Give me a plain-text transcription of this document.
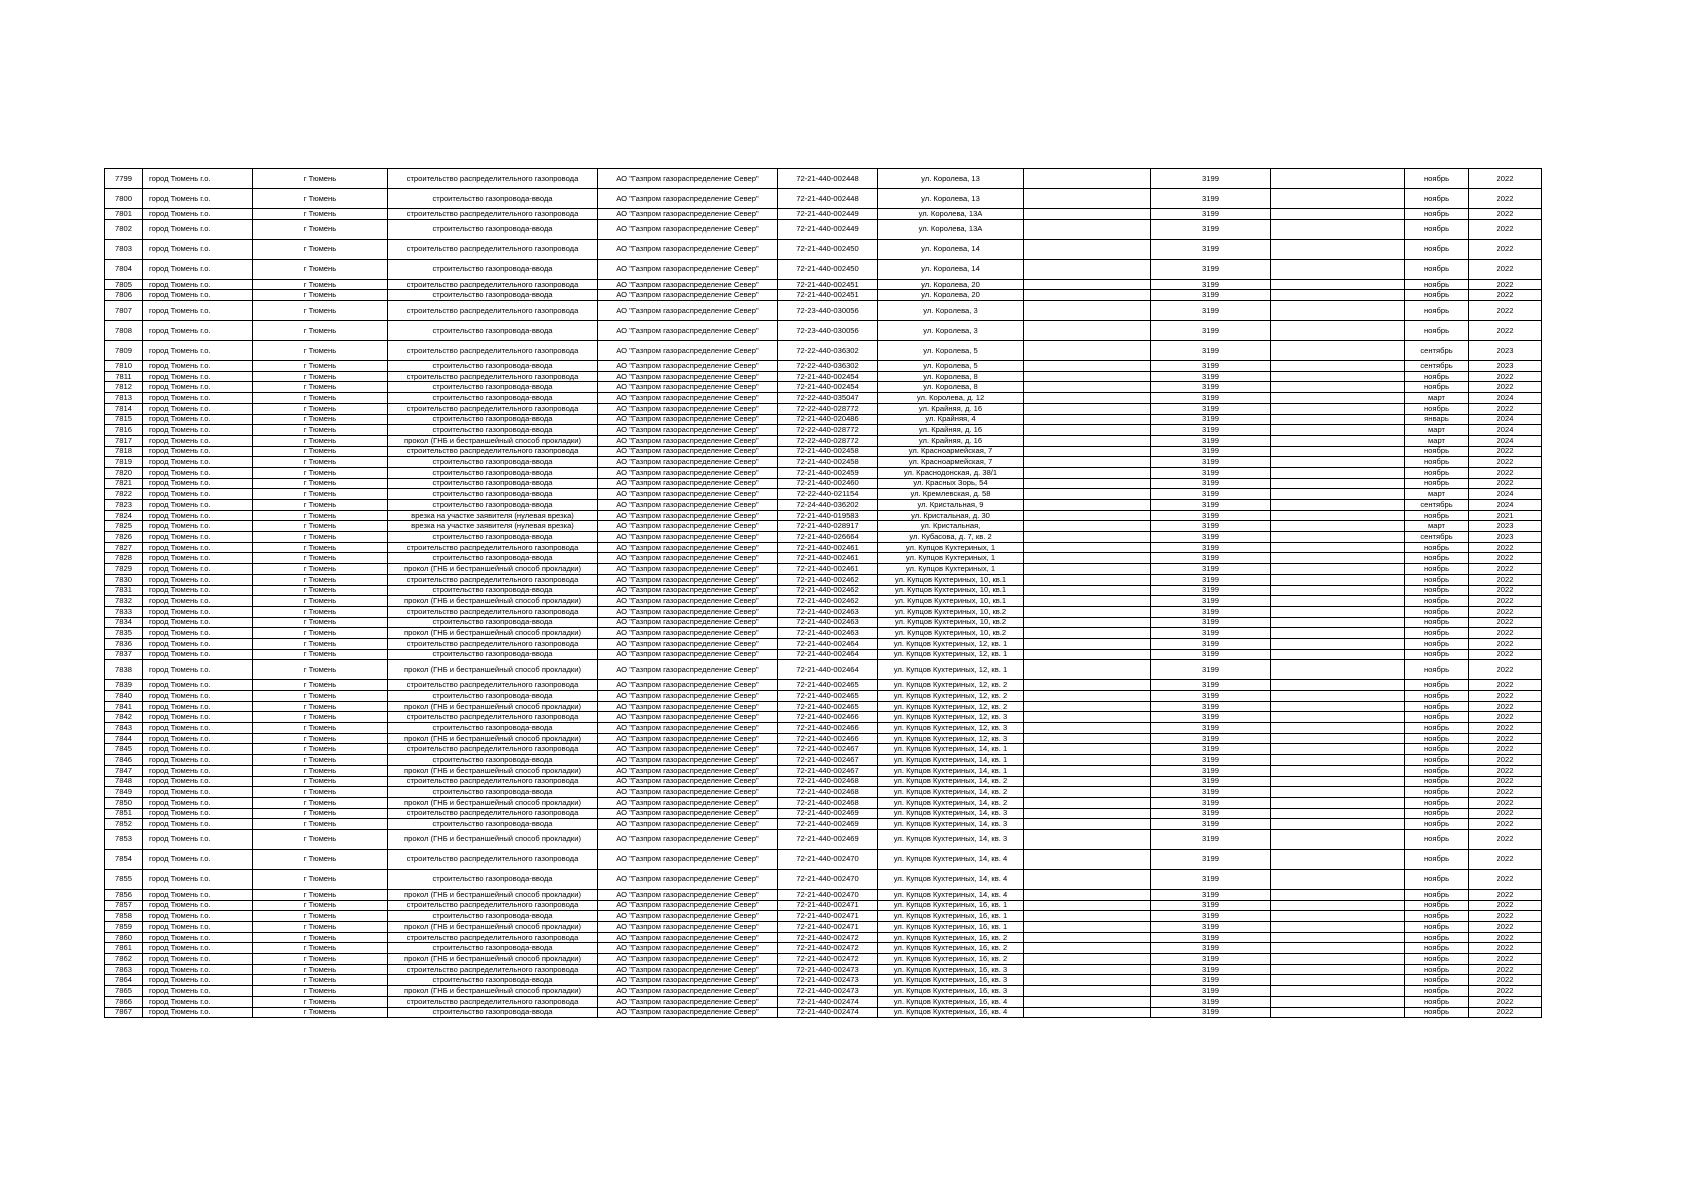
7799	город Тюмень г.о.	г Тюмень	строительство распределительного газопровода	АО "Газпром газораспределение Север"	72-21-440-002448	ул. Королева, 13		3199		ноябрь	2022
7800	город Тюмень г.о.	г Тюмень	строительство газопровода-ввода	АО "Газпром газораспределение Север"	72-21-440-002448	ул. Королева, 13		3199		ноябрь	2022
7801	город Тюмень г.о.	г Тюмень	строительство распределительного газопровода	АО "Газпром газораспределение Север"	72-21-440-002449	ул. Королева, 13А		3199		ноябрь	2022
7802	город Тюмень г.о.	г Тюмень	строительство газопровода-ввода	АО "Газпром газораспределение Север"	72-21-440-002449	ул. Королева, 13А		3199		ноябрь	2022
7803	город Тюмень г.о.	г Тюмень	строительство распределительного газопровода	АО "Газпром газораспределение Север"	72-21-440-002450	ул. Королева, 14		3199		ноябрь	2022
7804	город Тюмень г.о.	г Тюмень	строительство газопровода-ввода	АО "Газпром газораспределение Север"	72-21-440-002450	ул. Королева, 14		3199		ноябрь	2022
7805	город Тюмень г.о.	г Тюмень	строительство распределительного газопровода	АО "Газпром газораспределение Север"	72-21-440-002451	ул. Королева, 20		3199		ноябрь	2022
7806	город Тюмень г.о.	г Тюмень	строительство газопровода-ввода	АО "Газпром газораспределение Север"	72-21-440-002451	ул. Королева, 20		3199		ноябрь	2022
7807	город Тюмень г.о.	г Тюмень	строительство распределительного газопровода	АО "Газпром газораспределение Север"	72-23-440-030056	ул. Королева, 3		3199		ноябрь	2022
7808	город Тюмень г.о.	г Тюмень	строительство газопровода-ввода	АО "Газпром газораспределение Север"	72-23-440-030056	ул. Королева, 3		3199		ноябрь	2022
7809	город Тюмень г.о.	г Тюмень	строительство распределительного газопровода	АО "Газпром газораспределение Север"	72-22-440-036302	ул. Королева, 5		3199		сентябрь	2023
7810	город Тюмень г.о.	г Тюмень	строительство газопровода-ввода	АО "Газпром газораспределение Север"	72-22-440-036302	ул. Королева, 5		3199		сентябрь	2023
7811	город Тюмень г.о.	г Тюмень	строительство распределительного газопровода	АО "Газпром газораспределение Север"	72-21-440-002454	ул. Королева, 8		3199		ноябрь	2022
7812	город Тюмень г.о.	г Тюмень	строительство газопровода-ввода	АО "Газпром газораспределение Север"	72-21-440-002454	ул. Королева, 8		3199		ноябрь	2022
7813	город Тюмень г.о.	г Тюмень	строительство газопровода-ввода	АО "Газпром газораспределение Север"	72-22-440-035047	ул. Королева, д. 12		3199		март	2024
7814	город Тюмень г.о.	г Тюмень	строительство распределительного газопровода	АО "Газпром газораспределение Север"	72-22-440-028772	ул. Крайняя, д. 16		3199		ноябрь	2022
7815	город Тюмень г.о.	г Тюмень	строительство газопровода-ввода	АО "Газпром газораспределение Север"	72-21-440-020486	ул. Крайняя, 4		3199		январь	2024
7816	город Тюмень г.о.	г Тюмень	строительство газопровода-ввода	АО "Газпром газораспределение Север"	72-22-440-028772	ул. Крайняя, д. 16		3199		март	2024
7817	город Тюмень г.о.	г Тюмень	прокол (ГНБ и бестраншейный способ прокладки)	АО "Газпром газораспределение Север"	72-22-440-028772	ул. Крайняя, д. 16		3199		март	2024
7818	город Тюмень г.о.	г Тюмень	строительство распределительного газопровода	АО "Газпром газораспределение Север"	72-21-440-002458	ул. Красноармейская, 7		3199		ноябрь	2022
7819	город Тюмень г.о.	г Тюмень	строительство газопровода-ввода	АО "Газпром газораспределение Север"	72-21-440-002458	ул. Красноармейская, 7		3199		ноябрь	2022
7820	город Тюмень г.о.	г Тюмень	строительство газопровода-ввода	АО "Газпром газораспределение Север"	72-21-440-002459	ул. Краснодонская, д. 38/1		3199		ноябрь	2022
7821	город Тюмень г.о.	г Тюмень	строительство газопровода-ввода	АО "Газпром газораспределение Север"	72-21-440-002460	ул. Красных Зорь, 54		3199		ноябрь	2022
7822	город Тюмень г.о.	г Тюмень	строительство газопровода-ввода	АО "Газпром газораспределение Север"	72-22-440-021154	ул. Кремлевская, д. 58		3199		март	2024
7823	город Тюмень г.о.	г Тюмень	строительство газопровода-ввода	АО "Газпром газораспределение Север"	72-24-440-036202	ул. Кристальная, 9		3199		сентябрь	2024
7824	город Тюмень г.о.	г Тюмень	врезка на участке заявителя (нулевая врезка)	АО "Газпром газораспределение Север"	72-21-440-019583	ул. Кристальная, д. 30		3199		ноябрь	2021
7825	город Тюмень г.о.	г Тюмень	врезка на участке заявителя (нулевая врезка)	АО "Газпром газораспределение Север"	72-21-440-028917	ул. Кристальная,		3199		март	2023
7826	город Тюмень г.о.	г Тюмень	строительство газопровода-ввода	АО "Газпром газораспределение Север"	72-21-440-026664	ул. Кубасова, д. 7, кв. 2		3199		сентябрь	2023
7827	город Тюмень г.о.	г Тюмень	строительство распределительного газопровода	АО "Газпром газораспределение Север"	72-21-440-002461	ул. Купцов Кухтериных, 1		3199		ноябрь	2022
7828	город Тюмень г.о.	г Тюмень	строительство газопровода-ввода	АО "Газпром газораспределение Север"	72-21-440-002461	ул. Купцов Кухтериных, 1		3199		ноябрь	2022
7829	город Тюмень г.о.	г Тюмень	прокол (ГНБ и бестраншейный способ прокладки)	АО "Газпром газораспределение Север"	72-21-440-002461	ул. Купцов Кухтериных, 1		3199		ноябрь	2022
7830	город Тюмень г.о.	г Тюмень	строительство распределительного газопровода	АО "Газпром газораспределение Север"	72-21-440-002462	ул. Купцов Кухтериных, 10, кв.1		3199		ноябрь	2022
7831	город Тюмень г.о.	г Тюмень	строительство газопровода-ввода	АО "Газпром газораспределение Север"	72-21-440-002462	ул. Купцов Кухтериных, 10, кв.1		3199		ноябрь	2022
7832	город Тюмень г.о.	г Тюмень	прокол (ГНБ и бестраншейный способ прокладки)	АО "Газпром газораспределение Север"	72-21-440-002462	ул. Купцов Кухтериных, 10, кв.1		3199		ноябрь	2022
7833	город Тюмень г.о.	г Тюмень	строительство распределительного газопровода	АО "Газпром газораспределение Север"	72-21-440-002463	ул. Купцов Кухтериных, 10, кв.2		3199		ноябрь	2022
7834	город Тюмень г.о.	г Тюмень	строительство газопровода-ввода	АО "Газпром газораспределение Север"	72-21-440-002463	ул. Купцов Кухтериных, 10, кв.2		3199		ноябрь	2022
7835	город Тюмень г.о.	г Тюмень	прокол (ГНБ и бестраншейный способ прокладки)	АО "Газпром газораспределение Север"	72-21-440-002463	ул. Купцов Кухтериных, 10, кв.2		3199		ноябрь	2022
7836	город Тюмень г.о.	г Тюмень	строительство распределительного газопровода	АО "Газпром газораспределение Север"	72-21-440-002464	ул. Купцов Кухтериных, 12, кв. 1		3199		ноябрь	2022
7837	город Тюмень г.о.	г Тюмень	строительство газопровода-ввода	АО "Газпром газораспределение Север"	72-21-440-002464	ул. Купцов Кухтериных, 12, кв. 1		3199		ноябрь	2022
7838	город Тюмень г.о.	г Тюмень	прокол (ГНБ и бестраншейный способ прокладки)	АО "Газпром газораспределение Север"	72-21-440-002464	ул. Купцов Кухтериных, 12, кв. 1		3199		ноябрь	2022
7839	город Тюмень г.о.	г Тюмень	строительство распределительного газопровода	АО "Газпром газораспределение Север"	72-21-440-002465	ул. Купцов Кухтериных, 12, кв. 2		3199		ноябрь	2022
7840	город Тюмень г.о.	г Тюмень	строительство газопровода-ввода	АО "Газпром газораспределение Север"	72-21-440-002465	ул. Купцов Кухтериных, 12, кв. 2		3199		ноябрь	2022
7841	город Тюмень г.о.	г Тюмень	прокол (ГНБ и бестраншейный способ прокладки)	АО "Газпром газораспределение Север"	72-21-440-002465	ул. Купцов Кухтериных, 12, кв. 2		3199		ноябрь	2022
7842	город Тюмень г.о.	г Тюмень	строительство распределительного газопровода	АО "Газпром газораспределение Север"	72-21-440-002466	ул. Купцов Кухтериных, 12, кв. 3		3199		ноябрь	2022
7843	город Тюмень г.о.	г Тюмень	строительство газопровода-ввода	АО "Газпром газораспределение Север"	72-21-440-002466	ул. Купцов Кухтериных, 12, кв. 3		3199		ноябрь	2022
7844	город Тюмень г.о.	г Тюмень	прокол (ГНБ и бестраншейный способ прокладки)	АО "Газпром газораспределение Север"	72-21-440-002466	ул. Купцов Кухтериных, 12, кв. 3		3199		ноябрь	2022
7845	город Тюмень г.о.	г Тюмень	строительство распределительного газопровода	АО "Газпром газораспределение Север"	72-21-440-002467	ул. Купцов Кухтериных, 14, кв. 1		3199		ноябрь	2022
7846	город Тюмень г.о.	г Тюмень	строительство газопровода-ввода	АО "Газпром газораспределение Север"	72-21-440-002467	ул. Купцов Кухтериных, 14, кв. 1		3199		ноябрь	2022
7847	город Тюмень г.о.	г Тюмень	прокол (ГНБ и бестраншейный способ прокладки)	АО "Газпром газораспределение Север"	72-21-440-002467	ул. Купцов Кухтериных, 14, кв. 1		3199		ноябрь	2022
7848	город Тюмень г.о.	г Тюмень	строительство распределительного газопровода	АО "Газпром газораспределение Север"	72-21-440-002468	ул. Купцов Кухтериных, 14, кв. 2		3199		ноябрь	2022
7849	город Тюмень г.о.	г Тюмень	строительство газопровода-ввода	АО "Газпром газораспределение Север"	72-21-440-002468	ул. Купцов Кухтериных, 14, кв. 2		3199		ноябрь	2022
7850	город Тюмень г.о.	г Тюмень	прокол (ГНБ и бестраншейный способ прокладки)	АО "Газпром газораспределение Север"	72-21-440-002468	ул. Купцов Кухтериных, 14, кв. 2		3199		ноябрь	2022
7851	город Тюмень г.о.	г Тюмень	строительство распределительного газопровода	АО "Газпром газораспределение Север"	72-21-440-002469	ул. Купцов Кухтериных, 14, кв. 3		3199		ноябрь	2022
7852	город Тюмень г.о.	г Тюмень	строительство газопровода-ввода	АО "Газпром газораспределение Север"	72-21-440-002469	ул. Купцов Кухтериных, 14, кв. 3		3199		ноябрь	2022
7853	город Тюмень г.о.	г Тюмень	прокол (ГНБ и бестраншейный способ прокладки)	АО "Газпром газораспределение Север"	72-21-440-002469	ул. Купцов Кухтериных, 14, кв. 3		3199		ноябрь	2022
7854	город Тюмень г.о.	г Тюмень	строительство распределительного газопровода	АО "Газпром газораспределение Север"	72-21-440-002470	ул. Купцов Кухтериных, 14, кв. 4		3199		ноябрь	2022
7855	город Тюмень г.о.	г Тюмень	строительство газопровода-ввода	АО "Газпром газораспределение Север"	72-21-440-002470	ул. Купцов Кухтериных, 14, кв. 4		3199		ноябрь	2022
7856	город Тюмень г.о.	г Тюмень	прокол (ГНБ и бестраншейный способ прокладки)	АО "Газпром газораспределение Север"	72-21-440-002470	ул. Купцов Кухтериных, 14, кв. 4		3199		ноябрь	2022
7857	город Тюмень г.о.	г Тюмень	строительство распределительного газопровода	АО "Газпром газораспределение Север"	72-21-440-002471	ул. Купцов Кухтериных, 16, кв. 1		3199		ноябрь	2022
7858	город Тюмень г.о.	г Тюмень	строительство газопровода-ввода	АО "Газпром газораспределение Север"	72-21-440-002471	ул. Купцов Кухтериных, 16, кв. 1		3199		ноябрь	2022
7859	город Тюмень г.о.	г Тюмень	прокол (ГНБ и бестраншейный способ прокладки)	АО "Газпром газораспределение Север"	72-21-440-002471	ул. Купцов Кухтериных, 16, кв. 1		3199		ноябрь	2022
7860	город Тюмень г.о.	г Тюмень	строительство распределительного газопровода	АО "Газпром газораспределение Север"	72-21-440-002472	ул. Купцов Кухтериных, 16, кв. 2		3199		ноябрь	2022
7861	город Тюмень г.о.	г Тюмень	строительство газопровода-ввода	АО "Газпром газораспределение Север"	72-21-440-002472	ул. Купцов Кухтериных, 16, кв. 2		3199		ноябрь	2022
7862	город Тюмень г.о.	г Тюмень	прокол (ГНБ и бестраншейный способ прокладки)	АО "Газпром газораспределение Север"	72-21-440-002472	ул. Купцов Кухтериных, 16, кв. 2		3199		ноябрь	2022
7863	город Тюмень г.о.	г Тюмень	строительство распределительного газопровода	АО "Газпром газораспределение Север"	72-21-440-002473	ул. Купцов Кухтериных, 16, кв. 3		3199		ноябрь	2022
7864	город Тюмень г.о.	г Тюмень	строительство газопровода-ввода	АО "Газпром газораспределение Север"	72-21-440-002473	ул. Купцов Кухтериных, 16, кв. 3		3199		ноябрь	2022
7865	город Тюмень г.о.	г Тюмень	прокол (ГНБ и бестраншейный способ прокладки)	АО "Газпром газораспределение Север"	72-21-440-002473	ул. Купцов Кухтериных, 16, кв. 3		3199		ноябрь	2022
7866	город Тюмень г.о.	г Тюмень	строительство распределительного газопровода	АО "Газпром газораспределение Север"	72-21-440-002474	ул. Купцов Кухтериных, 16, кв. 4		3199		ноябрь	2022
7867	город Тюмень г.о.	г Тюмень	строительство газопровода-ввода	АО "Газпром газораспределение Север"	72-21-440-002474	ул. Купцов Кухтериных, 16, кв. 4		3199		ноябрь	2022
